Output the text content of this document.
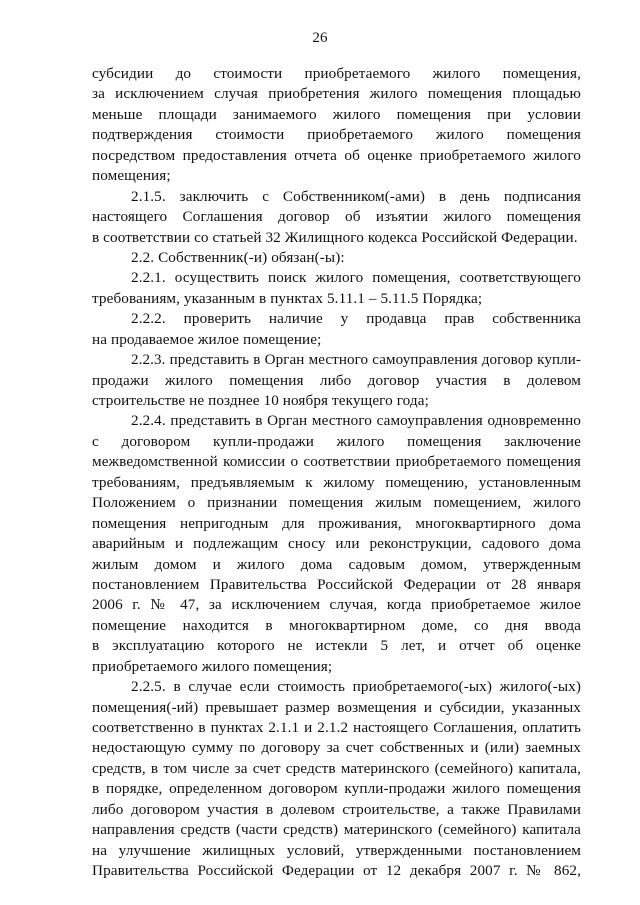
26
субсидии до стоимости приобретаемого жилого помещения,
за исключением случая приобретения жилого помещения площадью
меньше площади занимаемого жилого помещения при условии
подтверждения стоимости приобретаемого жилого помещения
посредством предоставления отчета об оценке приобретаемого жилого
помещения;
2.1.5. заключить с Собственником(-ами) в день подписания
настоящего Соглашения договор об изъятии жилого помещения
в соответствии со статьей 32 Жилищного кодекса Российской Федерации.
2.2. Собственник(-и) обязан(-ы):
2.2.1. осуществить поиск жилого помещения, соответствующего
требованиям, указанным в пунктах 5.11.1 – 5.11.5 Порядка;
2.2.2. проверить наличие у продавца прав собственника
на продаваемое жилое помещение;
2.2.3. представить в Орган местного самоуправления договор купли-
продажи жилого помещения либо договор участия в долевом
строительстве не позднее 10 ноября текущего года;
2.2.4. представить в Орган местного самоуправления одновременно
с договором купли-продажи жилого помещения заключение
межведомственной комиссии о соответствии приобретаемого помещения
требованиям, предъявляемым к жилому помещению, установленным
Положением о признании помещения жилым помещением, жилого
помещения непригодным для проживания, многоквартирного дома
аварийным и подлежащим сносу или реконструкции, садового дома
жилым домом и жилого дома садовым домом, утвержденным
постановлением Правительства Российской Федерации от 28 января
2006 г. № 47, за исключением случая, когда приобретаемое жилое
помещение находится в многоквартирном доме, со дня ввода
в эксплуатацию которого не истекли 5 лет, и отчет об оценке
приобретаемого жилого помещения;
2.2.5. в случае если стоимость приобретаемого(-ых) жилого(-ых)
помещения(-ий) превышает размер возмещения и субсидии, указанных
соответственно в пунктах 2.1.1 и 2.1.2 настоящего Соглашения, оплатить
недостающую сумму по договору за счет собственных и (или) заемных
средств, в том числе за счет средств материнского (семейного) капитала,
в порядке, определенном договором купли-продажи жилого помещения
либо договором участия в долевом строительстве, а также Правилами
направления средств (части средств) материнского (семейного) капитала
на улучшение жилищных условий, утвержденными постановлением
Правительства Российской Федерации от 12 декабря 2007 г. № 862,
